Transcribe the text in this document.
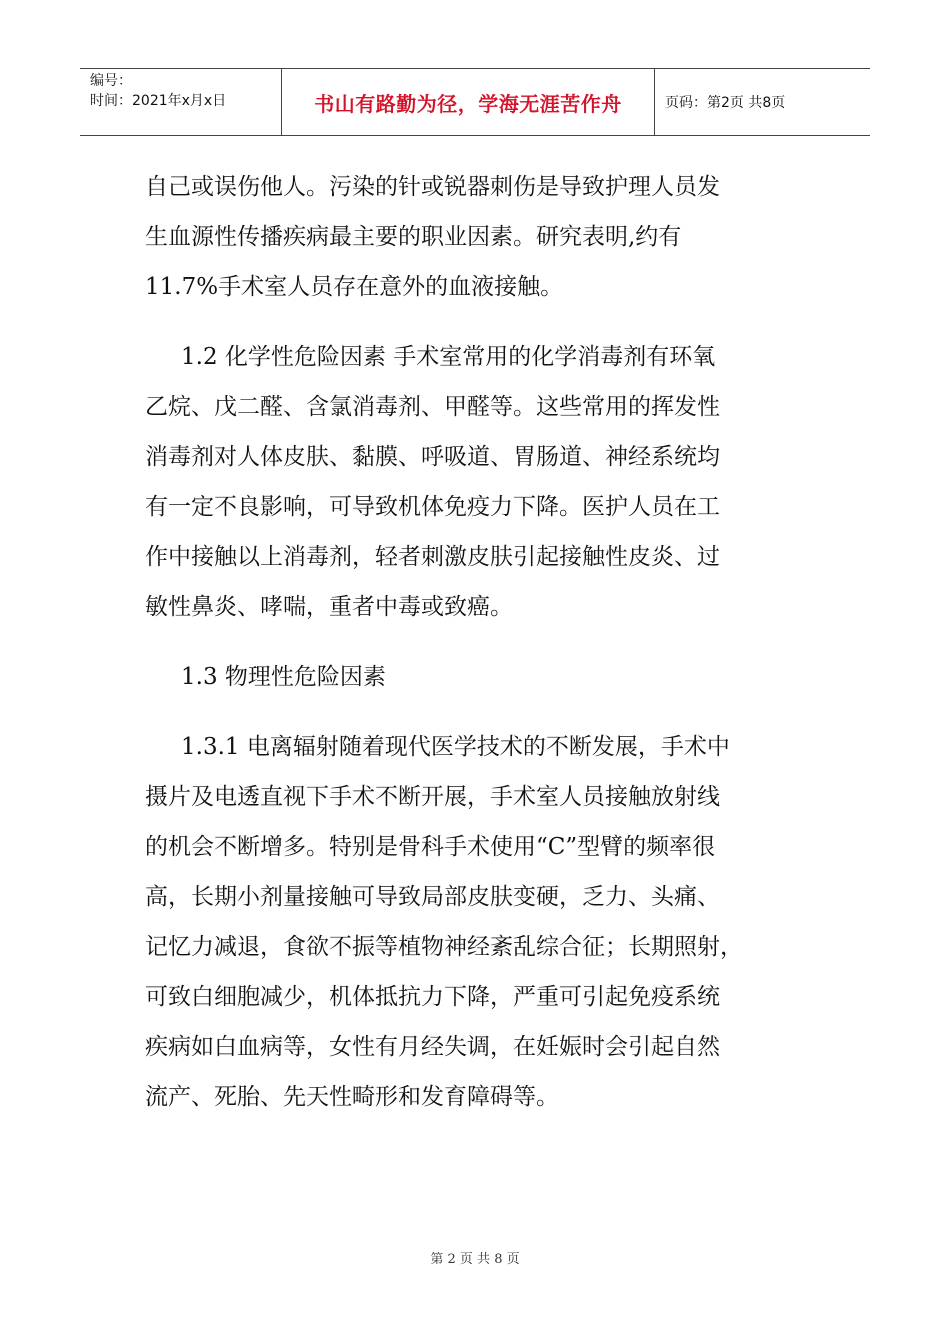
编号：
时间：2021年x月x日	书山有路勤为径，学海无涯苦作舟	页码：第2页 共8页

自己或误伤他人。污染的针或锐器刺伤是导致护理人员发
生血源性传播疾病最主要的职业因素。研究表明,约有
11.7%手术室人员存在意外的血液接触。

1.2 化学性危险因素 手术室常用的化学消毒剂有环氧
乙烷、戊二醛、含氯消毒剂、甲醛等。这些常用的挥发性
消毒剂对人体皮肤、黏膜、呼吸道、胃肠道、神经系统均
有一定不良影响，可导致机体免疫力下降。医护人员在工
作中接触以上消毒剂，轻者刺激皮肤引起接触性皮炎、过
敏性鼻炎、哮喘，重者中毒或致癌。

1.3 物理性危险因素

1.3.1 电离辐射随着现代医学技术的不断发展，手术中
摄片及电透直视下手术不断开展，手术室人员接触放射线
的机会不断增多。特别是骨科手术使用“C”型臂的频率很
高，长期小剂量接触可导致局部皮肤变硬，乏力、头痛、
记忆力减退，食欲不振等植物神经紊乱综合征；长期照射，
可致白细胞减少，机体抵抗力下降，严重可引起免疫系统
疾病如白血病等，女性有月经失调，在妊娠时会引起自然
流产、死胎、先天性畸形和发育障碍等。

第 2 页 共 8 页
